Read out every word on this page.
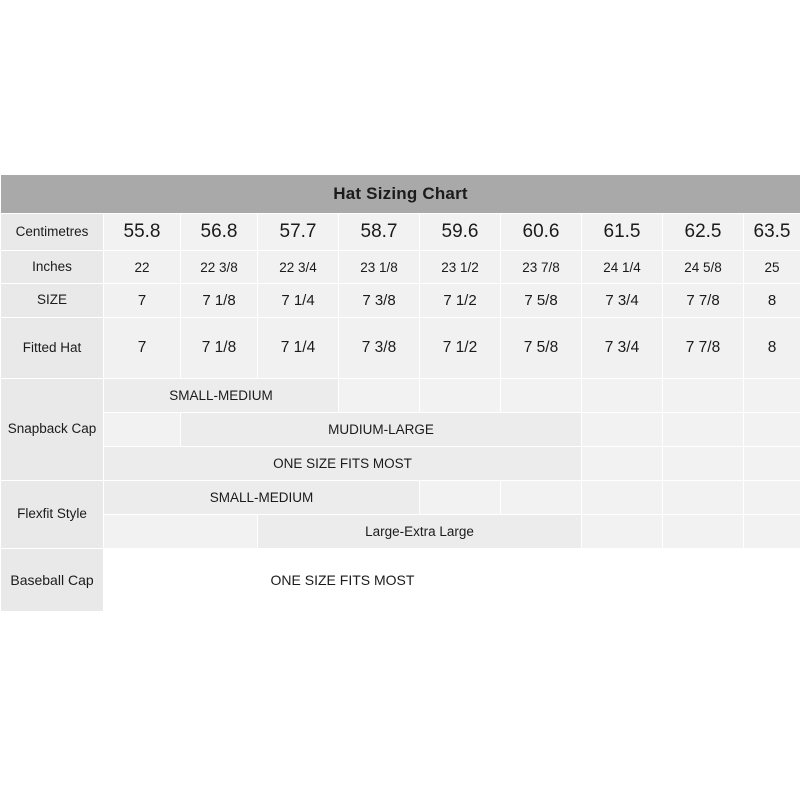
Hat Sizing Chart									
Centimetres	55.8	56.8	57.7	58.7	59.6	60.6	61.5	62.5	63.5
Inches	22	22 3/8	22 3/4	23 1/8	23 1/2	23 7/8	24 1/4	24 5/8	25
SIZE	7	7 1/8	7 1/4	7 3/8	7 1/2	7 5/8	7 3/4	7 7/8	8
Fitted Hat	7	7 1/8	7 1/4	7 3/8	7 1/2	7 5/8	7 3/4	7 7/8	8
Snapback Cap	SMALL-MEDIUM								
		MUDIUM-LARGE							
	ONE SIZE FITS MOST								
Flexfit Style	SMALL-MEDIUM								
			Large-Extra Large						
Baseball Cap	ONE SIZE FITS MOST								
